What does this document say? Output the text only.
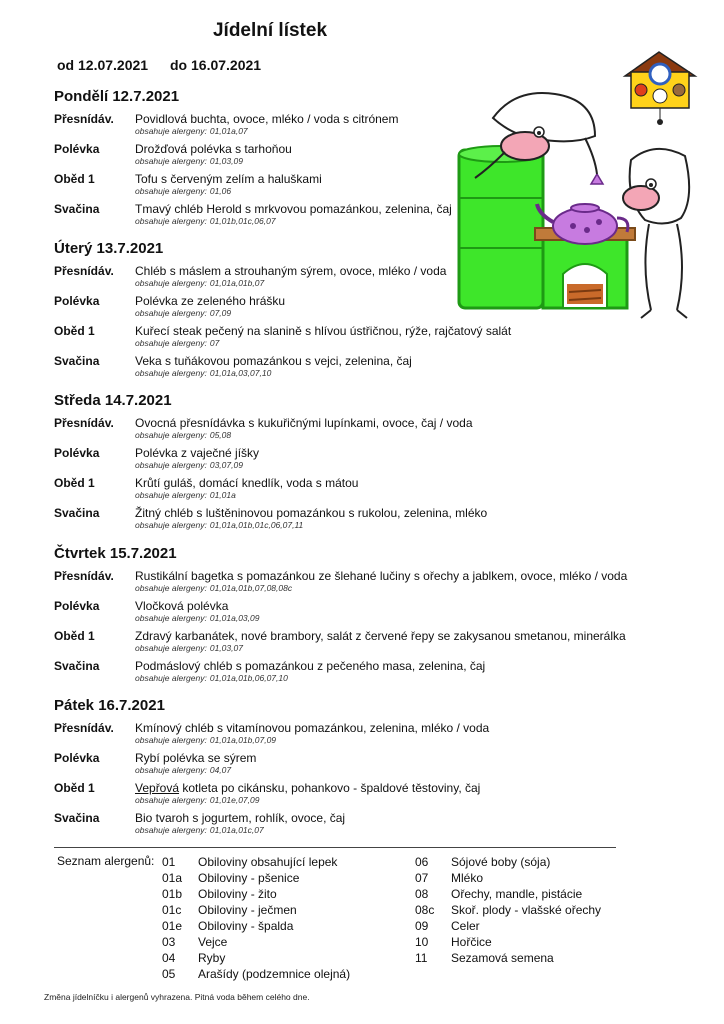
Jídelní lístek
od 12.07.2021 do 16.07.2021
Pondělí 12.7.2021
Přesnídáv. Povidlová buchta, ovoce, mléko / voda s citrónem
obsahuje alergeny: 01,01a,07
Polévka	Drožďová polévka s tarhoňou
obsahuje alergeny: 01,03,09
Oběd 1	Tofu s červeným zelím a haluškami
obsahuje alergeny: 01,06
Svačina	Tmavý chléb Herold s mrkvovou pomazánkou, zelenina, čaj
obsahuje alergeny: 01,01b,01c,06,07
Úterý 13.7.2021
Přesnídáv. Chléb s máslem a strouhaným sýrem, ovoce, mléko / voda
obsahuje alergeny: 01,01a,01b,07
Polévka	Polévka ze zeleného hrášku
obsahuje alergeny: 07,09
Oběd 1	Kuřecí steak pečený na slanině s hlívou ústřičnou, rýže, rajčatový salát
obsahuje alergeny: 07
Svačina	Veka s tuňákovou pomazánkou s vejci, zelenina, čaj
obsahuje alergeny: 01,01a,03,07,10
Středa 14.7.2021
Přesnídáv. Ovocná přesnídávka s kukuřičnými lupínkami, ovoce, čaj / voda
obsahuje alergeny: 05,08
Polévka	Polévka z vaječné jíšky
obsahuje alergeny: 03,07,09
Oběd 1	Krůtí guláš, domácí knedlík, voda s mátou
obsahuje alergeny: 01,01a
Svačina	Žitný chléb s luštěninovou pomazánkou s rukolou, zelenina, mléko
obsahuje alergeny: 01,01a,01b,01c,06,07,11
Čtvrtek 15.7.2021
Přesnídáv. Rustikální bagetka s pomazánkou ze šlehané lučiny s ořechy a jablkem, ovoce, mléko / voda
obsahuje alergeny: 01,01a,01b,07,08,08c
Polévka	Vločková polévka
obsahuje alergeny: 01,01a,03,09
Oběd 1	Zdravý karbanátek, nové brambory, salát z červené řepy se zakysanou smetanou, minerálka
obsahuje alergeny: 01,03,07
Svačina	Podmáslový chléb s pomazánkou z pečeného masa, zelenina, čaj
obsahuje alergeny: 01,01a,01b,06,07,10
Pátek 16.7.2021
Přesnídáv. Kmínový chléb s vitamínovou pomazánkou, zelenina, mléko / voda
obsahuje alergeny: 01,01a,01b,07,09
Polévka	Rybí polévka se sýrem
obsahuje alergeny: 04,07
Oběd 1	Vepřová kotleta po cikánsku, pohankovo - špaldové těstoviny, čaj
obsahuje alergeny: 01,01e,07,09
Svačina	Bio tvaroh s jogurtem, rohlík, ovoce, čaj
obsahuje alergeny: 01,01a,01c,07
Seznam alergenů: 01 Obiloviny obsahující lepek
01a Obiloviny - pšenice
01b Obiloviny - žito
01c Obiloviny - ječmen
01e Obiloviny - špalda
03 Vejce
04 Ryby
05 Arašídy (podzemnice olejná)
06 Sójové boby (sója)
07 Mléko
08 Ořechy, mandle, pistácie
08c Skoř. plody - vlašské ořechy
09 Celer
10 Hořčice
11 Sezamová semena
Změna jídelníčku i alergenů vyhrazena. Pitná voda během celého dne.
